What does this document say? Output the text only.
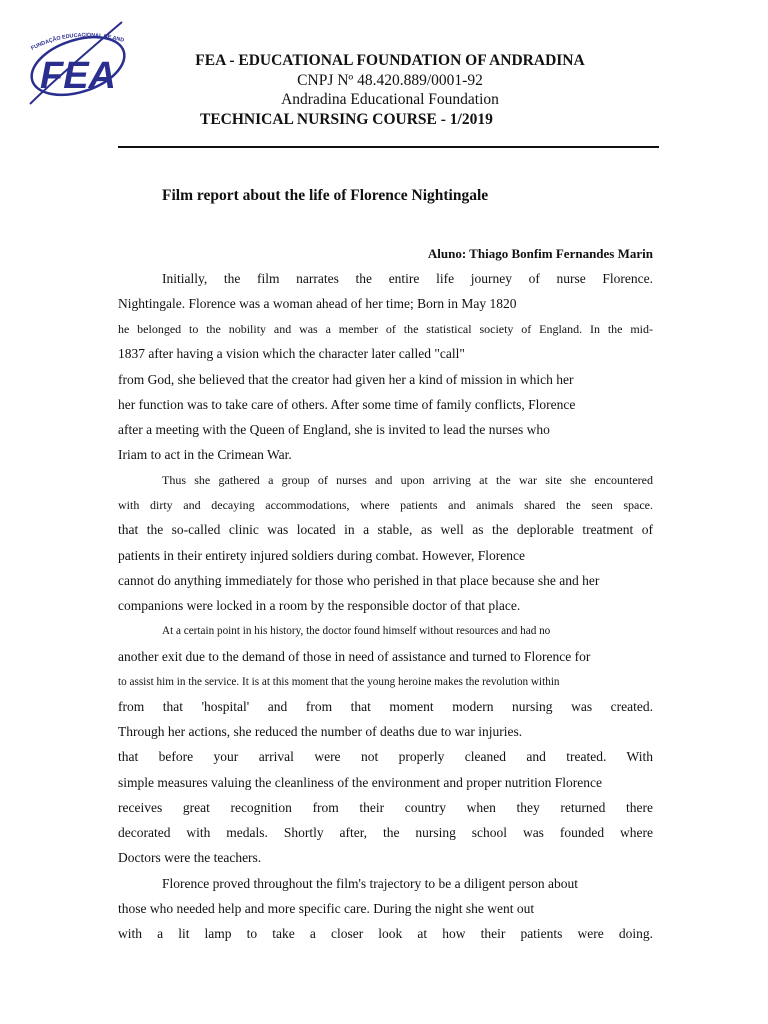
FUNDAÇÃO EDUCACIONAL DE AND
FEA	FEA - EDUCATIONAL FOUNDATION OF ANDRADINA
CNPJ Nº 48.420.889/0001-92
Andradina Educational Foundation
TECHNICAL NURSING COURSE - 1/2019
Film report about the life of Florence Nightingale
Aluno: Thiago Bonfim Fernandes Marin
Initially, the film narrates the entire life journey of nurse Florence.
Nightingale. Florence was a woman ahead of her time; Born in May 1820
he belonged to the nobility and was a member of the statistical society of England. In the mid-
1837 after having a vision which the character later called "call"
from God, she believed that the creator had given her a kind of mission in which her
her function was to take care of others. After some time of family conflicts, Florence
after a meeting with the Queen of England, she is invited to lead the nurses who
Iriam to act in the Crimean War.
Thus she gathered a group of nurses and upon arriving at the war site she encountered
with dirty and decaying accommodations, where patients and animals shared the seen space.
that the so-called clinic was located in a stable, as well as the deplorable treatment of
patients in their entirety injured soldiers during combat. However, Florence
cannot do anything immediately for those who perished in that place because she and her
companions were locked in a room by the responsible doctor of that place.
At a certain point in his history, the doctor found himself without resources and had no
another exit due to the demand of those in need of assistance and turned to Florence for
to assist him in the service. It is at this moment that the young heroine makes the revolution within
from that 'hospital' and from that moment modern nursing was created.
Through her actions, she reduced the number of deaths due to war injuries.
that before your arrival were not properly cleaned and treated. With
simple measures valuing the cleanliness of the environment and proper nutrition Florence
receives great recognition from their country when they returned there
decorated with medals. Shortly after, the nursing school was founded where
Doctors were the teachers.
Florence proved throughout the film's trajectory to be a diligent person about
those who needed help and more specific care. During the night she went out
with a lit lamp to take a closer look at how their patients were doing.
